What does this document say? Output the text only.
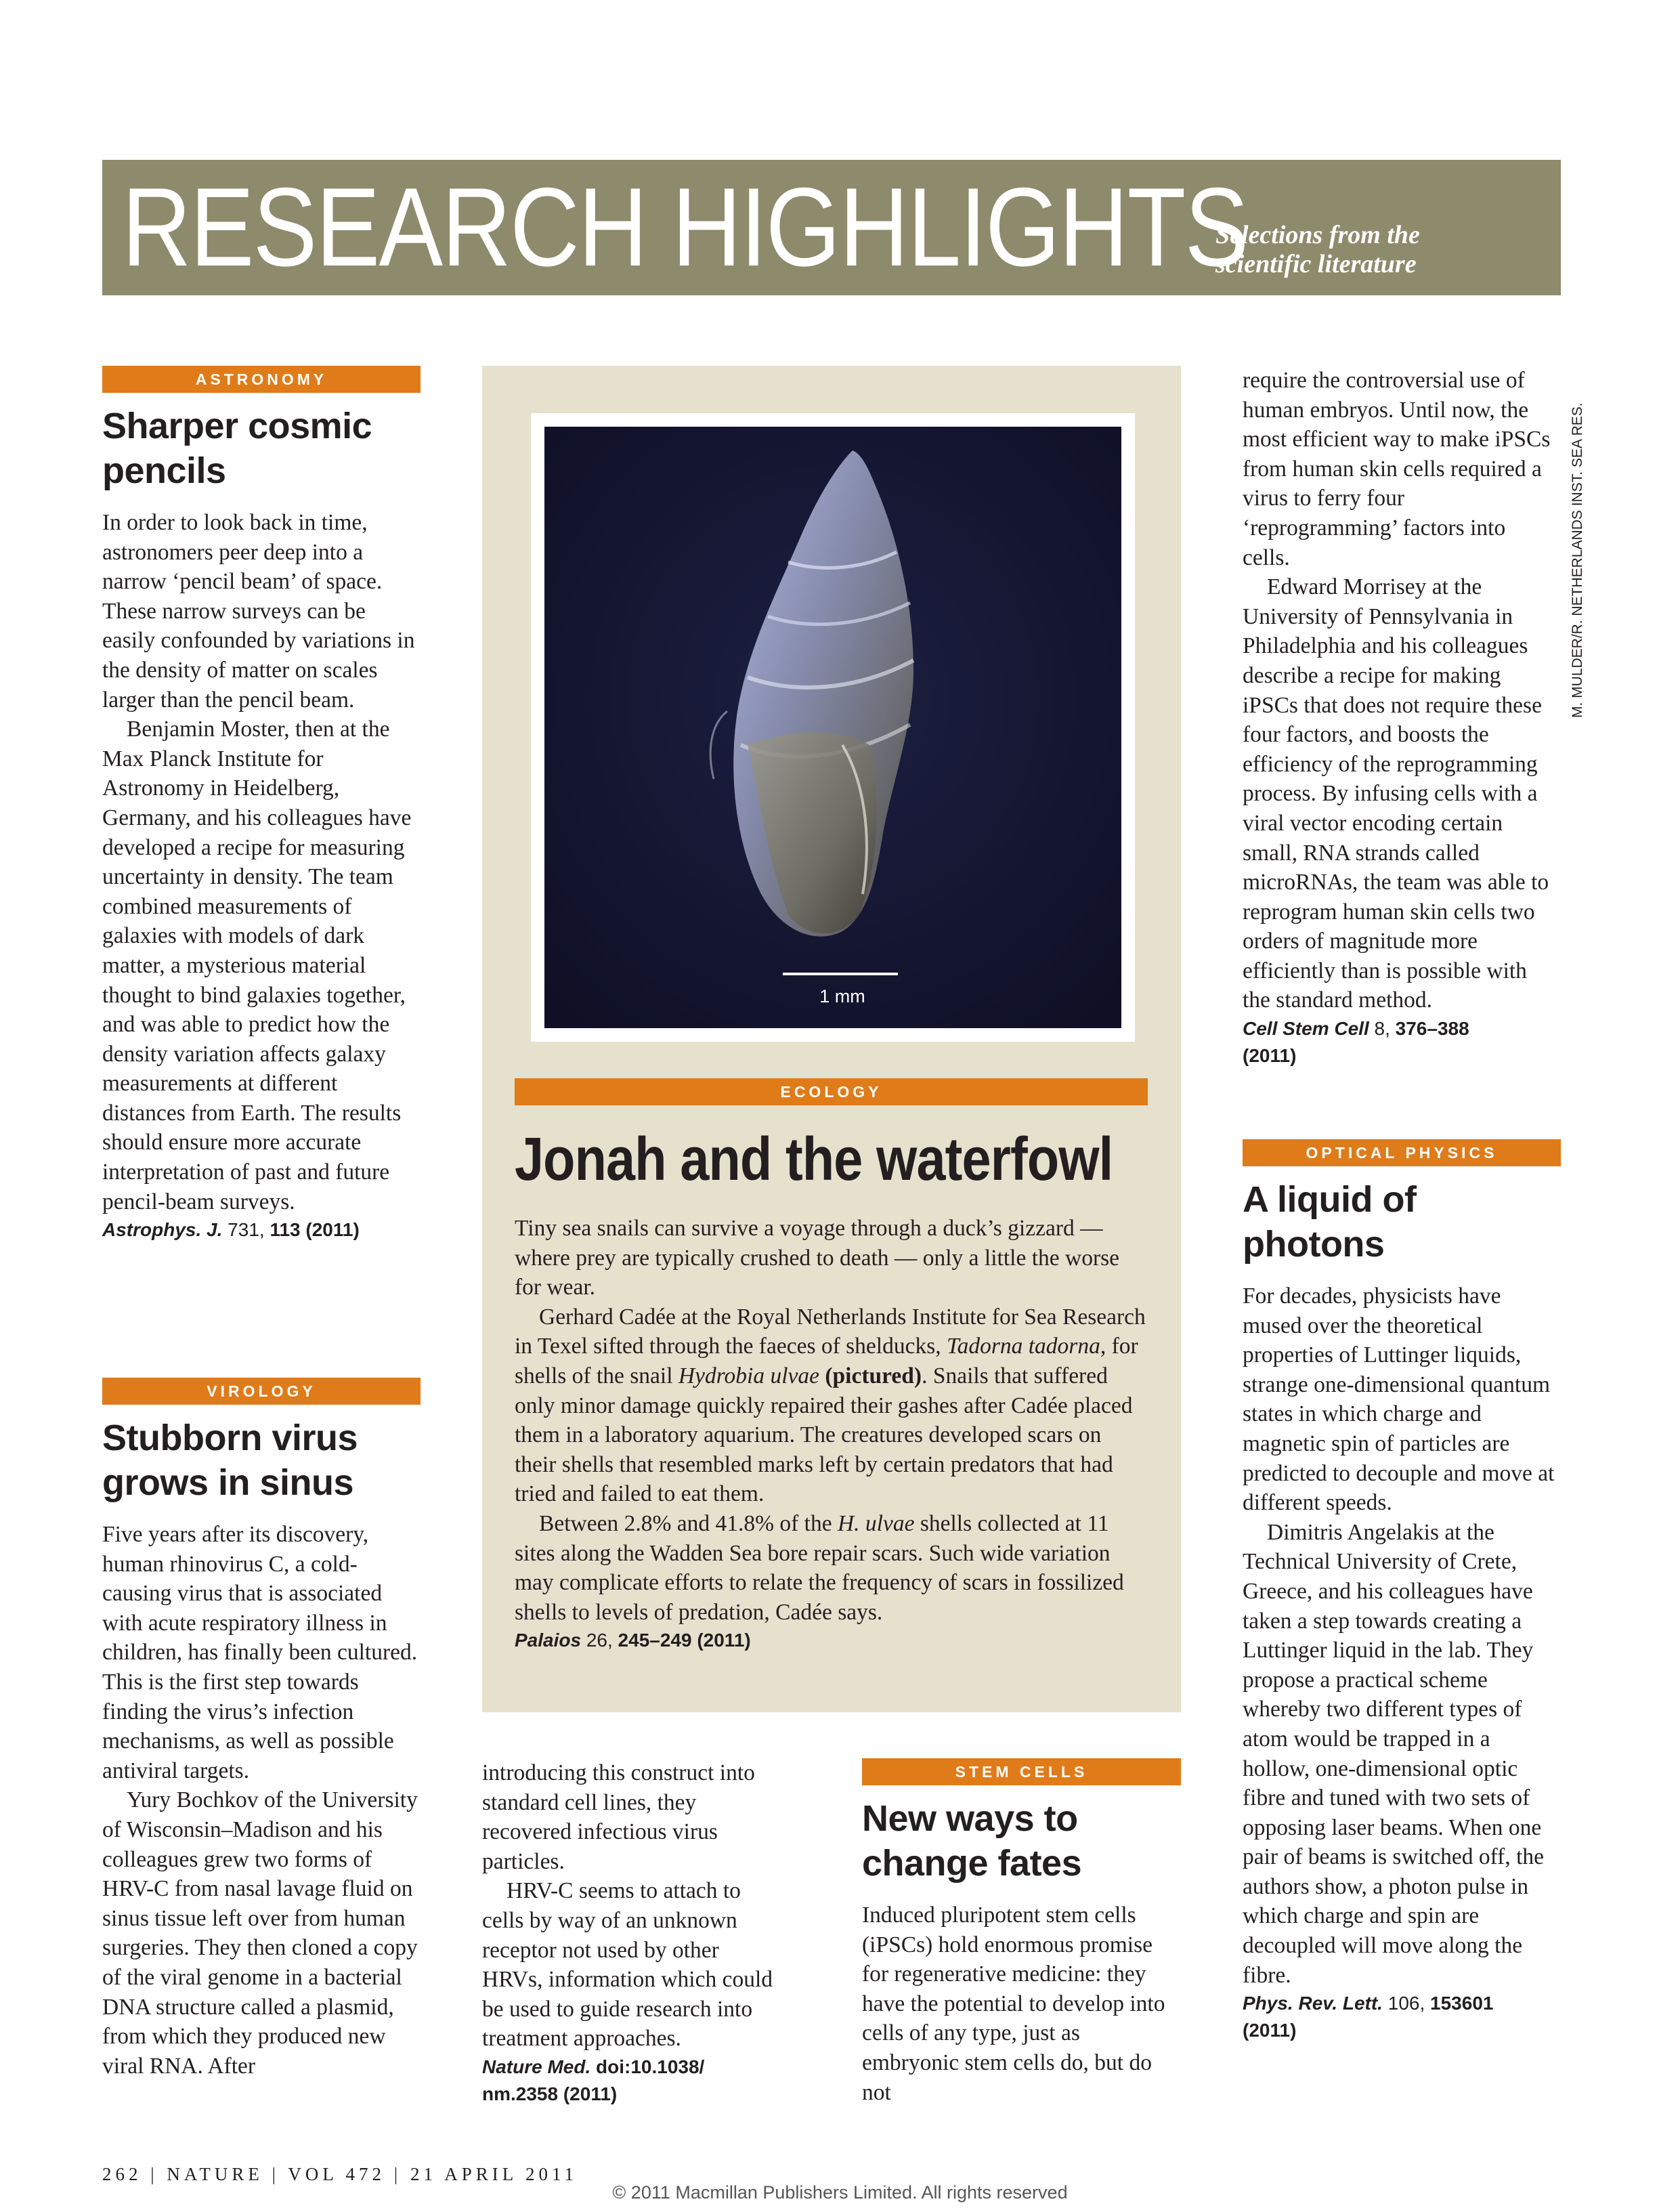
RESEARCH HIGHLIGHTS
Selections from the
scientific literature
ASTRONOMY
Sharper cosmic
pencils

In order to look back in time, astronomers peer deep into a narrow ‘pencil beam’ of space. These narrow surveys can be easily confounded by variations in the density of matter on scales larger than the pencil beam.

Benjamin Moster, then at the Max Planck Institute for Astronomy in Heidelberg, Germany, and his colleagues have developed a recipe for measuring uncertainty in density. The team combined measurements of galaxies with models of dark matter, a mysterious material thought to bind galaxies together, and was able to predict how the density variation affects galaxy measurements at different distances from Earth. The results should ensure more accurate interpretation of past and future pencil-beam surveys.

Astrophys. J. 731, 113 (2011)
VIROLOGY
Stubborn virus
grows in sinus

Five years after its discovery, human rhinovirus C, a cold-causing virus that is associated with acute respiratory illness in children, has finally been cultured. This is the first step towards finding the virus’s infection mechanisms, as well as possible antiviral targets.

Yury Bochkov of the University of Wisconsin–Madison and his colleagues grew two forms of HRV-C from nasal lavage fluid on sinus tissue left over from human surgeries. They then cloned a copy of the viral genome in a bacterial DNA structure called a plasmid, from which they produced new viral RNA. After

introducing this construct into standard cell lines, they recovered infectious virus particles.

HRV-C seems to attach to cells by way of an unknown receptor not used by other HRVs, information which could be used to guide research into treatment approaches.

Nature Med. doi:10.1038/
nm.2358 (2011)
1 mm
ECOLOGY
Jonah and the waterfowl

Tiny sea snails can survive a voyage through a duck’s gizzard — where prey are typically crushed to death — only a little the worse for wear.

Gerhard Cadée at the Royal Netherlands Institute for Sea Research in Texel sifted through the faeces of shelducks, Tadorna tadorna, for shells of the snail Hydrobia ulvae (pictured). Snails that suffered only minor damage quickly repaired their gashes after Cadée placed them in a laboratory aquarium. The creatures developed scars on their shells that resembled marks left by certain predators that had tried and failed to eat them.

Between 2.8% and 41.8% of the H. ulvae shells collected at 11 sites along the Wadden Sea bore repair scars. Such wide variation may complicate efforts to relate the frequency of scars in fossilized shells to levels of predation, Cadée says.

Palaios 26, 245–249 (2011)
STEM CELLS
New ways to
change fates

Induced pluripotent stem cells (iPSCs) hold enormous promise for regenerative medicine: they have the potential to develop into cells of any type, just as embryonic stem cells do, but do not

require the controversial use of human embryos. Until now, the most efficient way to make iPSCs from human skin cells required a virus to ferry four ‘reprogramming’ factors into cells.

Edward Morrisey at the University of Pennsylvania in Philadelphia and his colleagues describe a recipe for making iPSCs that does not require these four factors, and boosts the efficiency of the reprogramming process. By infusing cells with a viral vector encoding certain small, RNA strands called microRNAs, the team was able to reprogram human skin cells two orders of magnitude more efficiently than is possible with the standard method.

Cell Stem Cell 8, 376–388
(2011)
OPTICAL PHYSICS
A liquid of
photons

For decades, physicists have mused over the theoretical properties of Luttinger liquids, strange one-dimensional quantum states in which charge and magnetic spin of particles are predicted to decouple and move at different speeds.

Dimitris Angelakis at the Technical University of Crete, Greece, and his colleagues have taken a step towards creating a Luttinger liquid in the lab. They propose a practical scheme whereby two different types of atom would be trapped in a hollow, one-dimensional optic fibre and tuned with two sets of opposing laser beams. When one pair of beams is switched off, the authors show, a photon pulse in which charge and spin are decoupled will move along the fibre.

Phys. Rev. Lett. 106, 153601
(2011)
M. MULDER/R. NETHERLANDS INST. SEA RES.
262 | NATURE | VOL 472 | 21 APRIL 2011
© 2011 Macmillan Publishers Limited. All rights reserved
